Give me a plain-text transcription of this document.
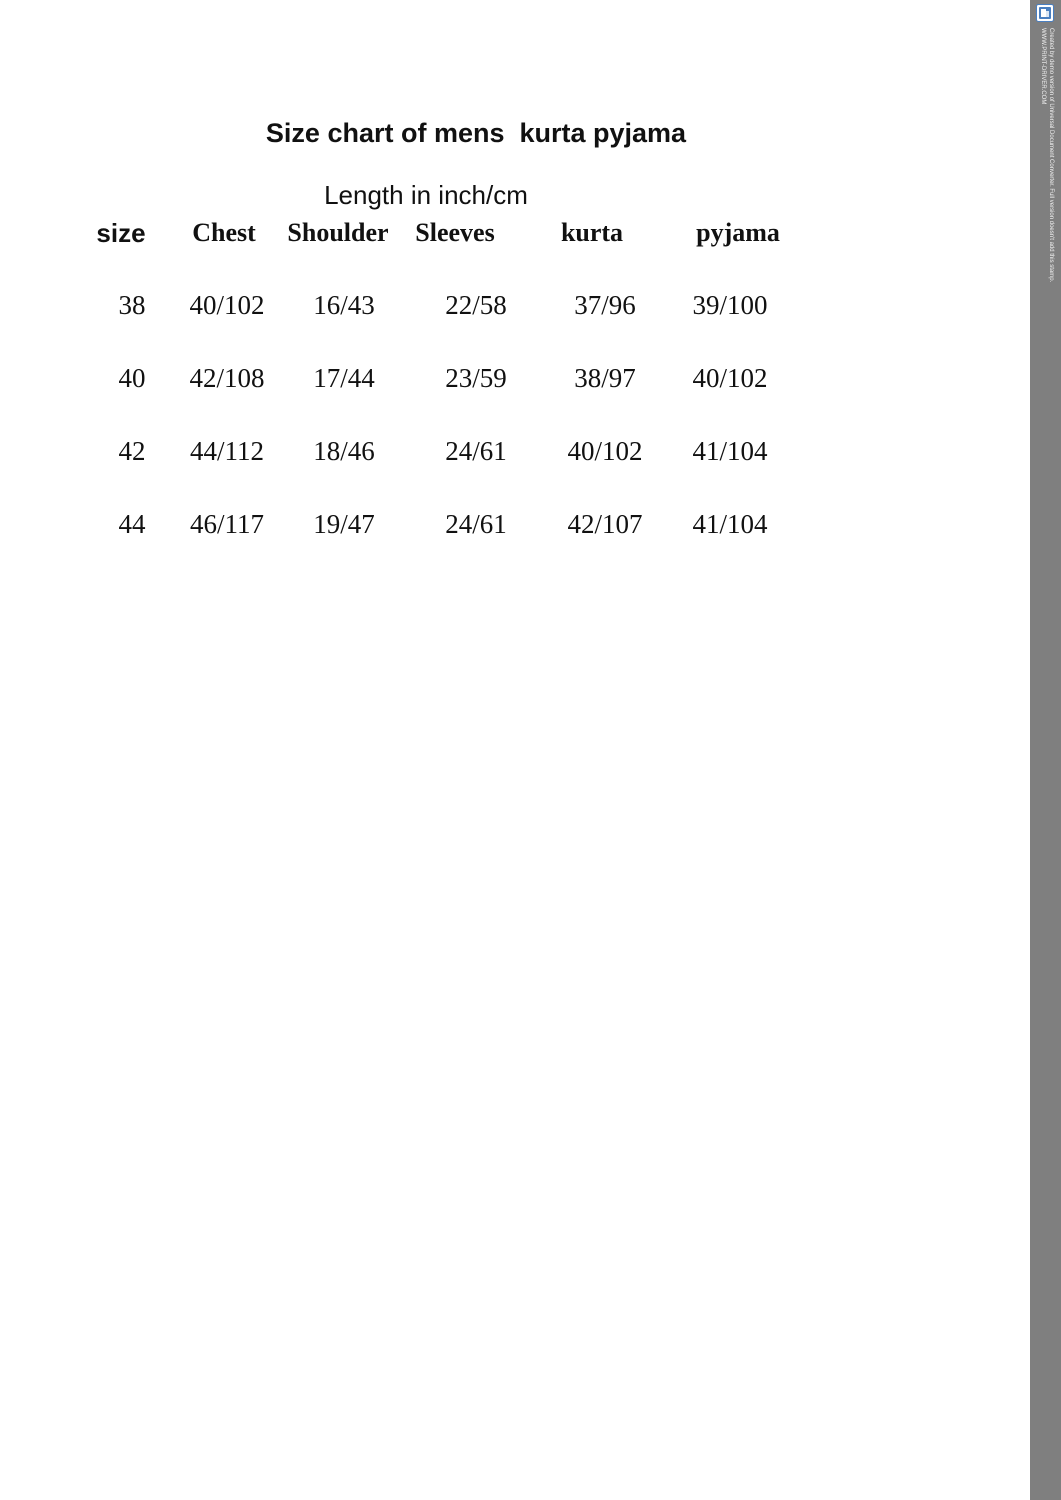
Size chart of mens  kurta pyjama
Length in inch/cm
size Chest Shoulder Sleeves	kurta	pyjama
38 40/102 16/43	22/58 37/96 39/100
40 42/108 17/44	23/59 38/97 40/102
42 44/112 18/46	24/61 40/102 41/104
44 46/117 19/47	24/61 42/107 41/104
Created by demo version of Universal Document Converter. Full version doesn't add this stamp.
WWW.PRINT-DRIVER.COM
